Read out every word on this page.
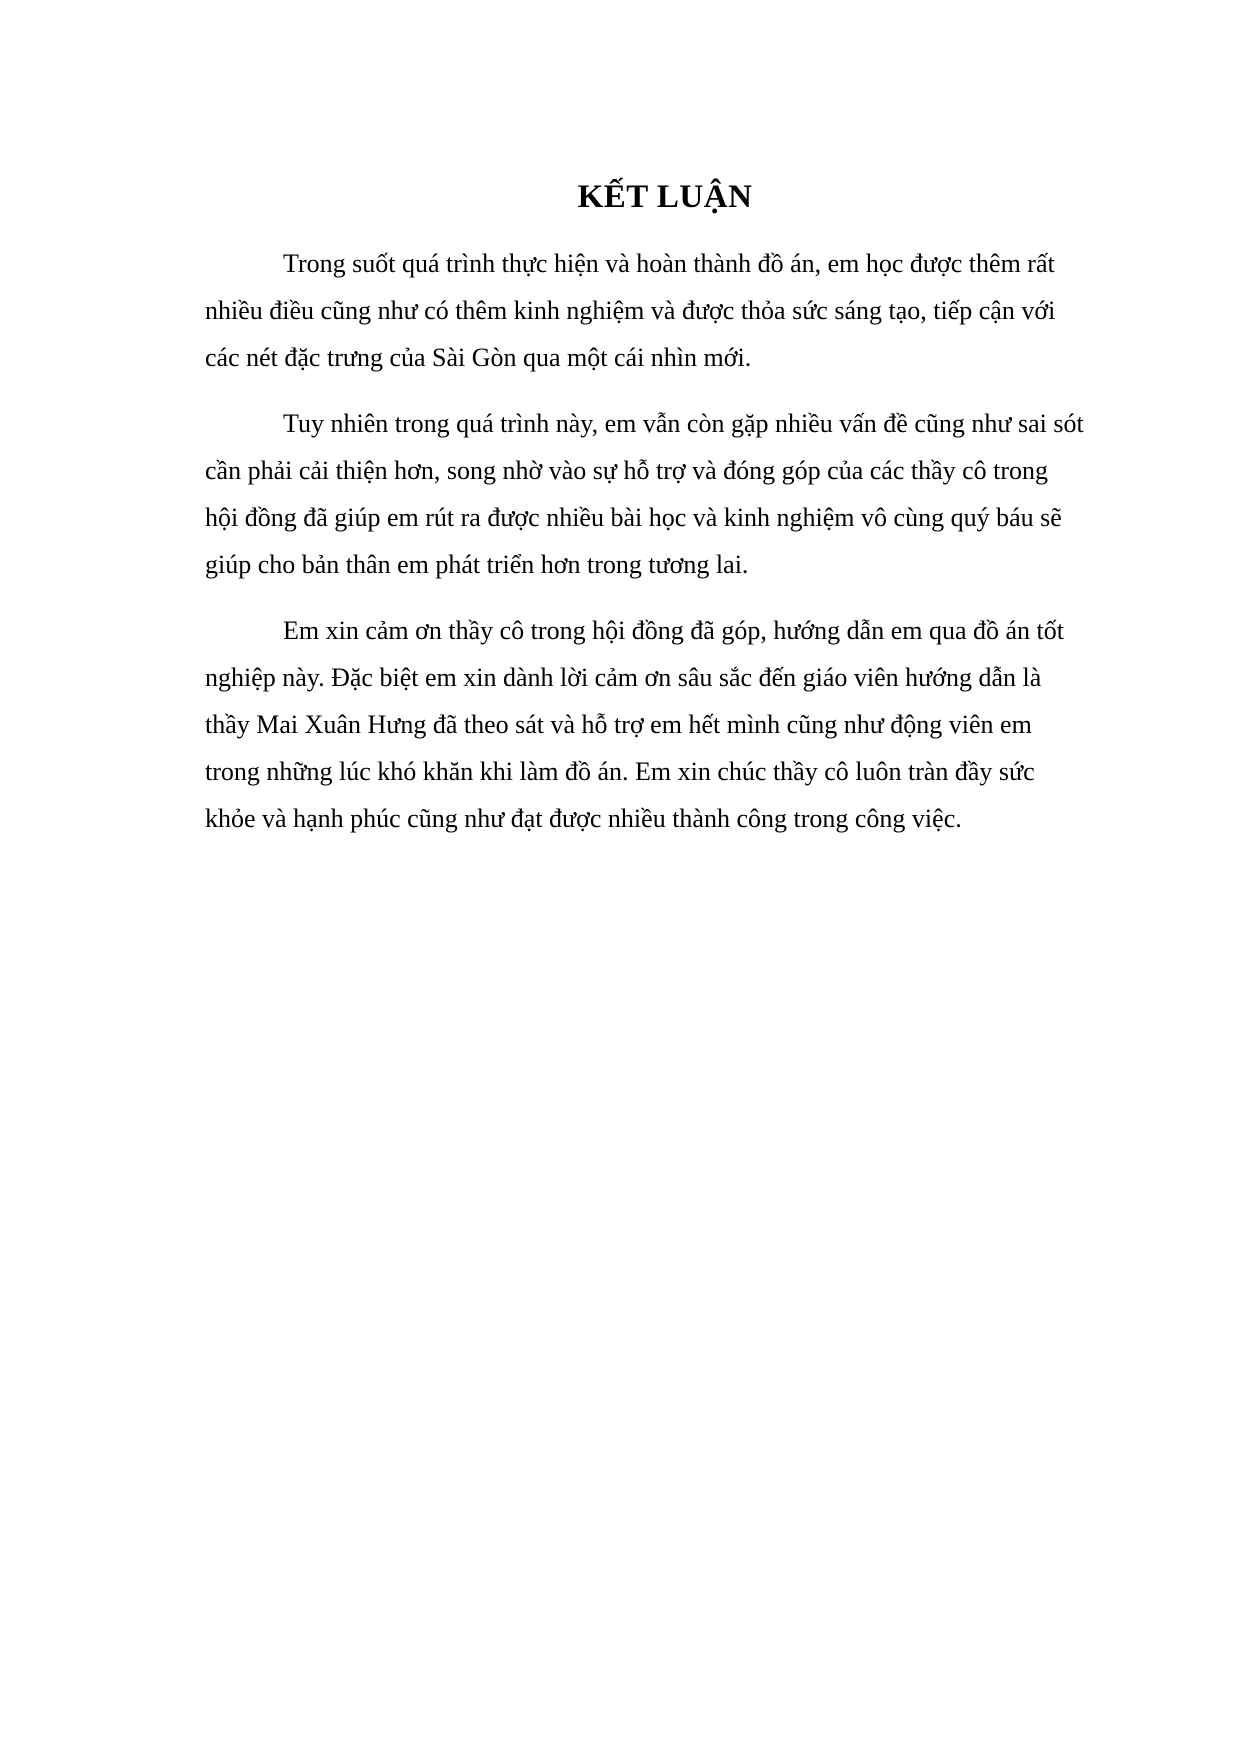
KẾT LUẬN
Trong suốt quá trình thực hiện và hoàn thành đồ án, em học được thêm rất
nhiều điều cũng như có thêm kinh nghiệm và được thỏa sức sáng tạo, tiếp cận với
các nét đặc trưng của Sài Gòn qua một cái nhìn mới.
Tuy nhiên trong quá trình này, em vẫn còn gặp nhiều vấn đề cũng như sai sót
cần phải cải thiện hơn, song nhờ vào sự hỗ trợ và đóng góp của các thầy cô trong
hội đồng đã giúp em rút ra được nhiều bài học và kinh nghiệm vô cùng quý báu sẽ
giúp cho bản thân em phát triển hơn trong tương lai.
Em xin cảm ơn thầy cô trong hội đồng đã góp, hướng dẫn em qua đồ án tốt
nghiệp này. Đặc biệt em xin dành lời cảm ơn sâu sắc đến giáo viên hướng dẫn là
thầy Mai Xuân Hưng đã theo sát và hỗ trợ em hết mình cũng như động viên em
trong những lúc khó khăn khi làm đồ án. Em xin chúc thầy cô luôn tràn đầy sức
khỏe và hạnh phúc cũng như đạt được nhiều thành công trong công việc.
